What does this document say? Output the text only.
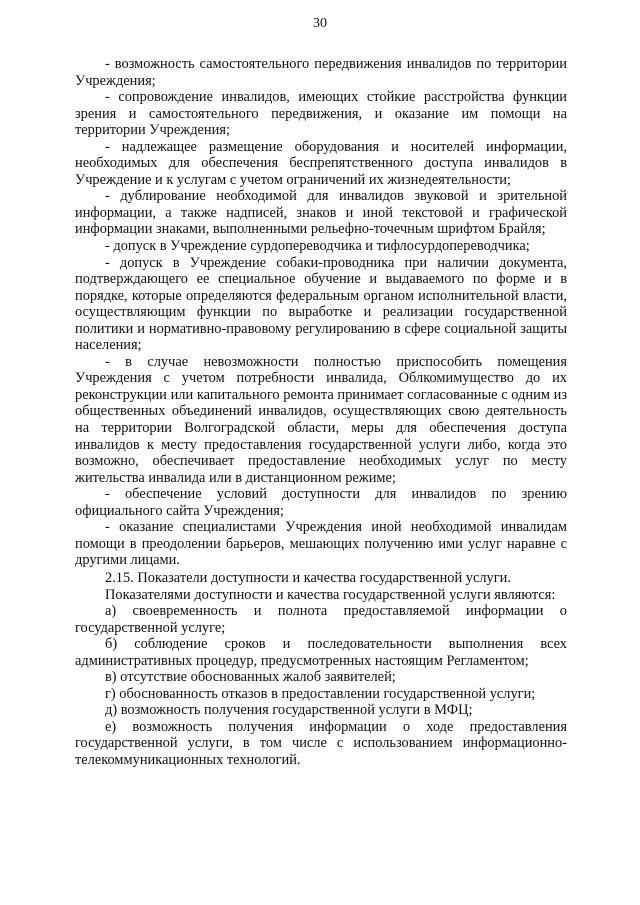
30

- возможность самостоятельного передвижения инвалидов по территории Учреждения;

- сопровождение инвалидов, имеющих стойкие расстройства функции зрения и самостоятельного передвижения, и оказание им помощи на территории Учреждения;

- надлежащее размещение оборудования и носителей информации, необходимых для обеспечения беспрепятственного доступа инвалидов в Учреждение и к услугам с учетом ограничений их жизнедеятельности;

- дублирование необходимой для инвалидов звуковой и зрительной информации, а также надписей, знаков и иной текстовой и графической информации знаками, выполненными рельефно-точечным шрифтом Брайля;

- допуск в Учреждение сурдопереводчика и тифлосурдопереводчика;

- допуск в Учреждение собаки-проводника при наличии документа, подтверждающего ее специальное обучение и выдаваемого по форме и в порядке, которые определяются федеральным органом исполнительной власти, осуществляющим функции по выработке и реализации государственной политики и нормативно-правовому регулированию в сфере социальной защиты населения;

- в случае невозможности полностью приспособить помещения Учреждения с учетом потребности инвалида, Облкомимущество до их реконструкции или капитального ремонта принимает согласованные с одним из общественных объединений инвалидов, осуществляющих свою деятельность на территории Волгоградской области, меры для обеспечения доступа инвалидов к месту предоставления государственной услуги либо, когда это возможно, обеспечивает предоставление необходимых услуг по месту жительства инвалида или в дистанционном режиме;

- обеспечение условий доступности для инвалидов по зрению официального сайта Учреждения;

- оказание специалистами Учреждения иной необходимой инвалидам помощи в преодолении барьеров, мешающих получению ими услуг наравне с другими лицами.

2.15. Показатели доступности и качества государственной услуги.

Показателями доступности и качества государственной услуги являются:

а) своевременность и полнота предоставляемой информации о государственной услуге;

б) соблюдение сроков и последовательности выполнения всех административных процедур, предусмотренных настоящим Регламентом;

в) отсутствие обоснованных жалоб заявителей;

г) обоснованность отказов в предоставлении государственной услуги;

д) возможность получения государственной услуги в МФЦ;

е) возможность получения информации о ходе предоставления государственной услуги, в том числе с использованием информационно-телекоммуникационных технологий.
